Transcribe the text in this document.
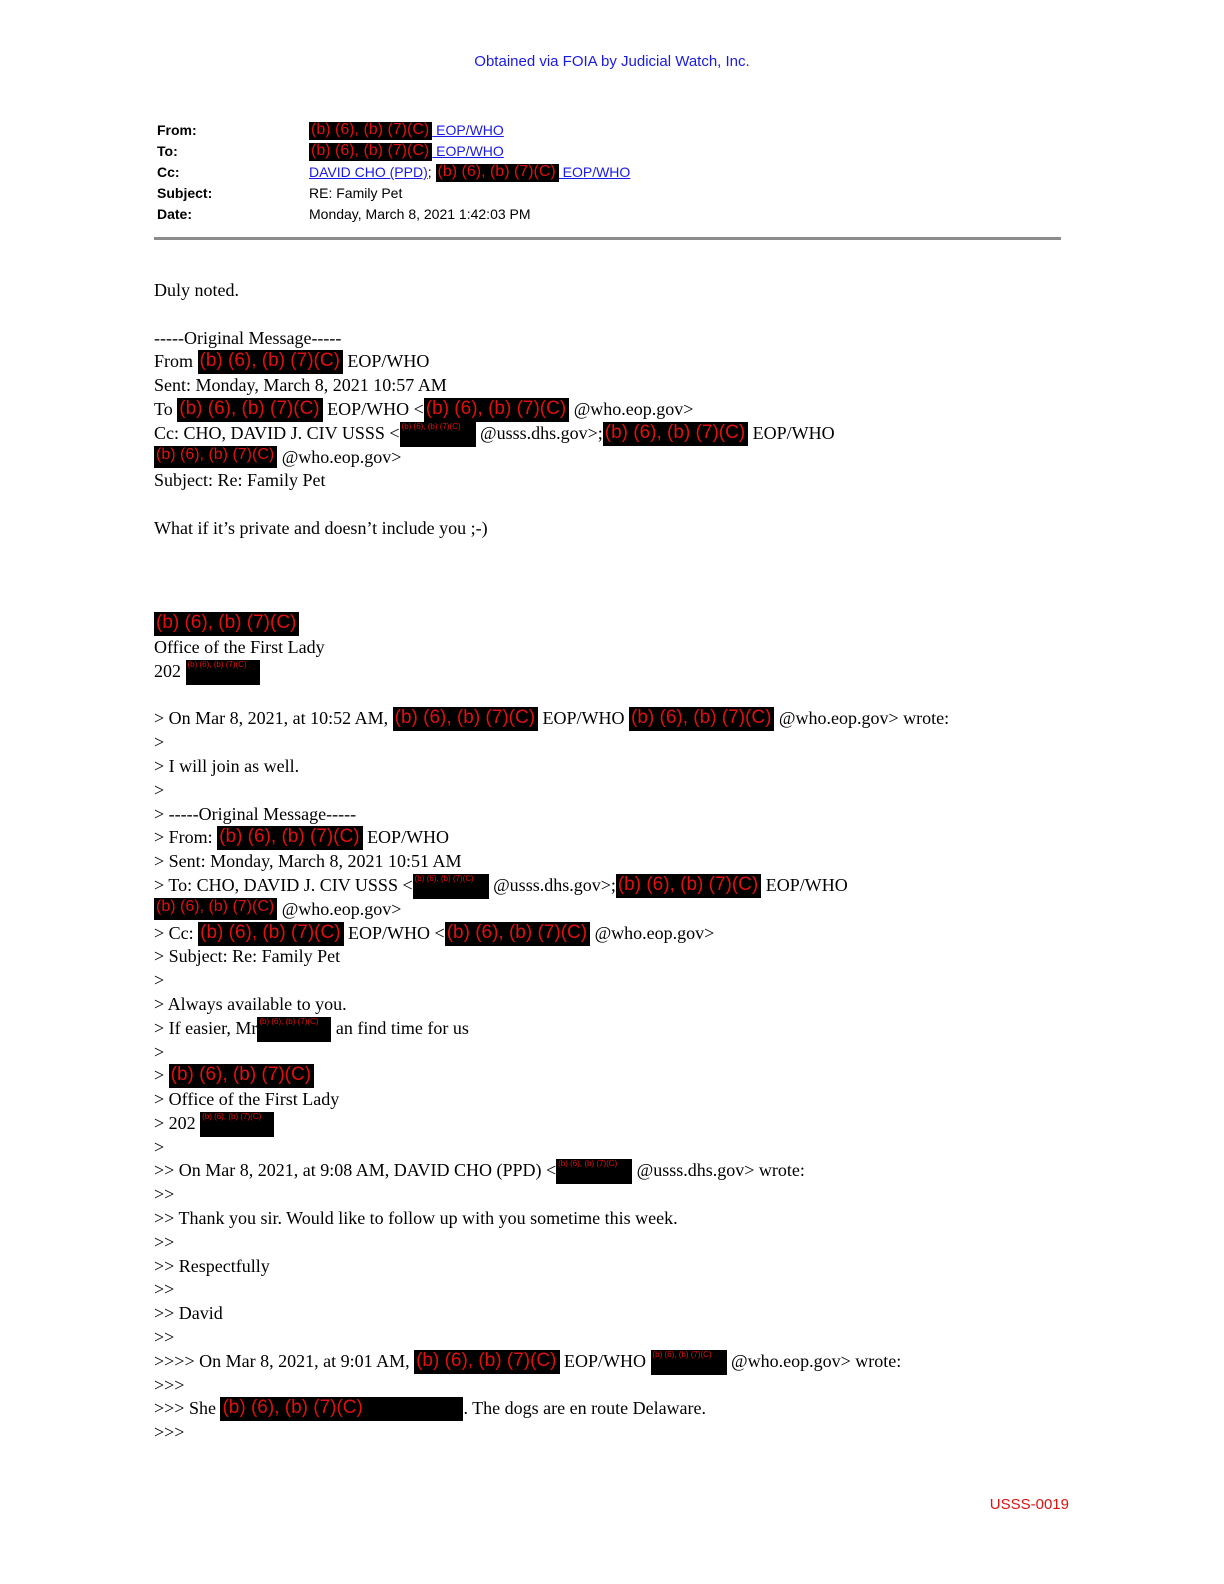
Obtained via FOIA by Judicial Watch, Inc.
From:	(b) (6), (b) (7)(C) EOP/WHO
To:	(b) (6), (b) (7)(C) EOP/WHO
Cc:	DAVID CHO (PPD); (b) (6), (b) (7)(C) EOP/WHO
Subject:	RE: Family Pet
Date:	Monday, March 8, 2021 1:42:03 PM
Duly noted.
-----Original Message-----
From (b) (6), (b) (7)(C) EOP/WHO
Sent: Monday, March 8, 2021 10:57 AM
To (b) (6), (b) (7)(C) EOP/WHO < (b) (6), (b) (7)(C) @who.eop.gov>
Cc: CHO, DAVID J. CIV USSS < (b) (6), (b) (7)(C) @usss.dhs.gov>; (b) (6), (b) (7)(C) EOP/WHO
(b) (6), (b) (7)(C) @who.eop.gov>
Subject: Re: Family Pet
What if it’s private and doesn’t include you ;-)
(b) (6), (b) (7)(C)
Office of the First Lady
202 (b) (6), (b) (7)(C)
> On Mar 8, 2021, at 10:52 AM, (b) (6), (b) (7)(C) EOP/WHO (b) (6), (b) (7)(C) @who.eop.gov> wrote:
>
> I will join as well.
>
> -----Original Message-----
> From: (b) (6), (b) (7)(C) EOP/WHO
> Sent: Monday, March 8, 2021 10:51 AM
> To: CHO, DAVID J. CIV USSS < (b) (6), (b) (7)(C) @usss.dhs.gov>; (b) (6), (b) (7)(C) EOP/WHO
(b) (6), (b) (7)(C) @who.eop.gov>
> Cc: (b) (6), (b) (7)(C) EOP/WHO < (b) (6), (b) (7)(C) @who.eop.gov>
> Subject: Re: Family Pet
>
> Always available to you.
> If easier, Mr (b) (6), (b) (7)(C) an find time for us
>
> (b) (6), (b) (7)(C)
> Office of the First Lady
> 202 (b) (6), (b) (7)(C)
>
>> On Mar 8, 2021, at 9:08 AM, DAVID CHO (PPD) < (b) (6), (b) (7)(C) @usss.dhs.gov> wrote:
>>
>> Thank you sir. Would like to follow up with you sometime this week.
>>
>> Respectfully
>>
>> David
>>
>>>> On Mar 8, 2021, at 9:01 AM, (b) (6), (b) (7)(C) EOP/WHO (b) (6), (b) (7)(C) @who.eop.gov> wrote:
>>>
>>> She (b) (6), (b) (7)(C)	. The dogs are en route Delaware.
>>>
USSS-0019
